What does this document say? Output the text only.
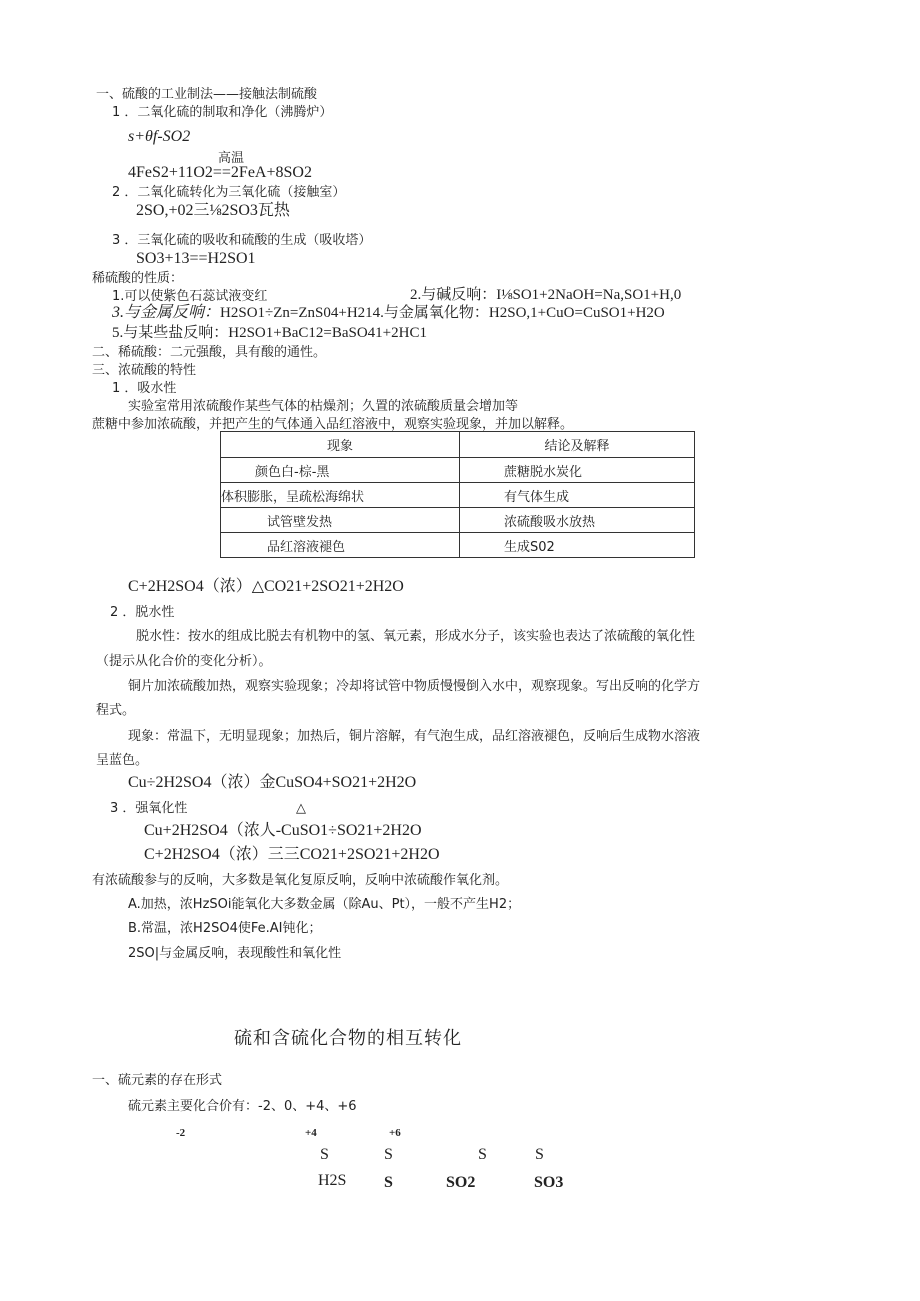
一、硫酸的工业制法——接触法制硫酸
1 ．二氧化硫的制取和净化（沸腾炉）
s+θf-SO2
高温
4FeS2+11O2==2FeA+8SO2
2 ．二氧化硫转化为三氧化硫（接触室）
2SO,+02三⅛2SO3瓦热
3 ．三氧化硫的吸收和硫酸的生成（吸收塔）
SO3+13==H2SO1
稀硫酸的性质：
1.可以使紫色石蕊试液变红	2.与碱反响：I⅛SO1+2NaOH=Na,SO1+H,0
3.与金属反响：H2SO1÷Zn=ZnS04+H214.与金属氧化物：H2SO,1+CuO=CuSO1+H2O
5.与某些盐反响：H2SO1+BaC12=BaSO41+2HC1
二、稀硫酸：二元强酸，具有酸的通性。
三、浓硫酸的特性
1 ．吸水性
实验室常用浓硫酸作某些气体的枯燥剂；久置的浓硫酸质量会增加等
蔗糖中参加浓硫酸，并把产生的气体通入品红溶液中，观察实验现象，并加以解释。
现象	结论及解释
颜色白-棕-黑	蔗糖脱水炭化
体积膨胀，呈疏松海绵状	有气体生成
试管壁发热	浓硫酸吸水放热
品红溶液褪色	生成S02
C+2H2SO4（浓）△CO21+2SO21+2H2O
2 ．脱水性
脱水性：按水的组成比脱去有机物中的氢、氧元素，形成水分子，该实验也表达了浓硫酸的氧化性
（提示从化合价的变化分析）。
铜片加浓硫酸加热，观察实验现象；冷却将试管中物质慢慢倒入水中，观察现象。写出反响的化学方
程式。
现象：常温下，无明显现象；加热后，铜片溶解，有气泡生成，品红溶液褪色，反响后生成物水溶液
呈蓝色。
Cu÷2H2SO4（浓）金CuSO4+SO21+2H2O
3 ．强氧化性	△
Cu+2H2SO4（浓人-CuSO1÷SO21+2H2O
C+2H2SO4（浓）三三CO21+2SO21+2H2O
有浓硫酸参与的反响，大多数是氧化复原反响，反响中浓硫酸作氧化剂。
A.加热，浓HzSOi能氧化大多数金属（除Au、Pt），一般不产生H2；
B.常温，浓H2SO4使Fe.AI钝化；
2SO|与金属反响，表现酸性和氧化性
硫和含硫化合物的相互转化
一、硫元素的存在形式
硫元素主要化合价有：-2、0、+4、+6
-2	+4	+6
S	S	S	S
H2S S	SO2	SO3
